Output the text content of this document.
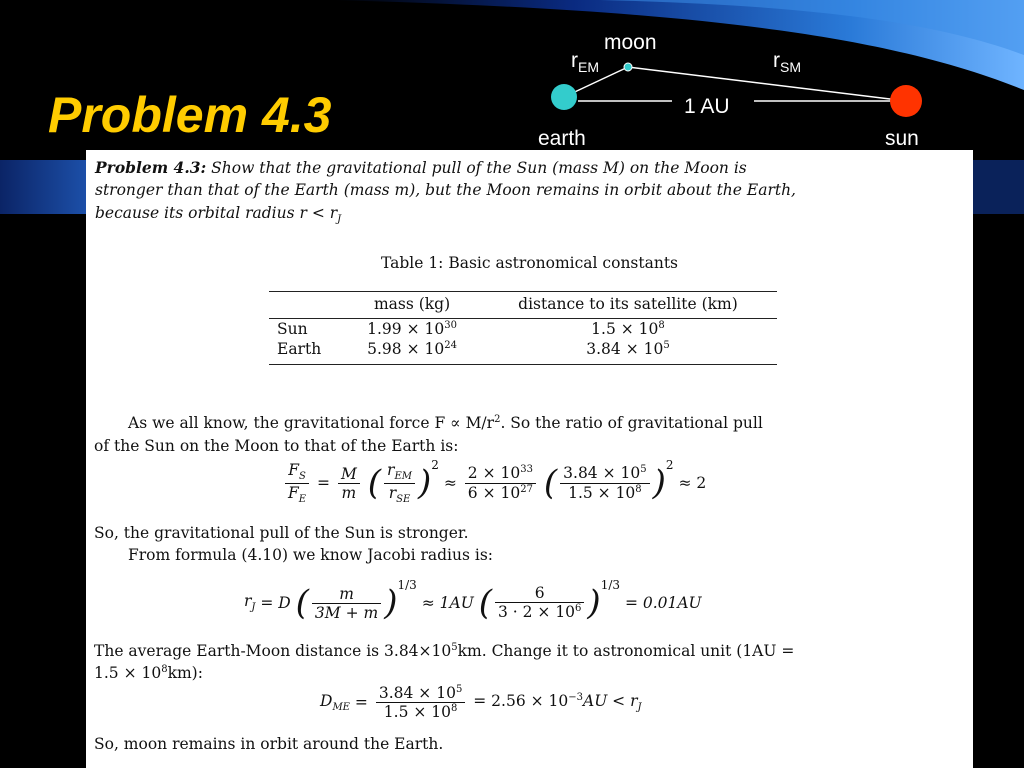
Problem 4.3
moon
$r_{EM}$	$r_{SM}$
1 AU
earth	sun
Problem 4.3: Show that the gravitational pull of the Sun (mass M) on the Moon is
stronger than that of the Earth (mass m), but the Moon remains in orbit about the Earth,
because its orbital radius $r < r_J$
Table 1: Basic astronomical constants
	mass (kg)	distance to its satellite (km)
Sun	$1.99 \times 10^{30}$	$1.5 \times 10^8$
Earth	$5.98 \times 10^{24}$	$3.84 \times 10^5$
As we all know, the gravitational force $F \propto M/r^2$. So the ratio of gravitational pull
of the Sun on the Moon to that of the Earth is:
$\frac{F_S}{F_E} = \frac{M}{m}$ ( $\frac{r_{EM}}{r_{SE}} )^2 \approx \frac{2 \times 10^{33}}{6 \times 10^{27}}$ ( $\frac{3.84 \times 10^5}{1.5 \times 10^8} )^2 \approx 2$
So, the gravitational pull of the Sun is stronger.
From formula (4.10) we know Jacobi radius is:
$r_J = D$ ( $\frac{m}{3M + m} )^{1/3} \approx 1AU$ ( $\frac{6}{3 \cdot 2 \times 10^6} )^{1/3} = 0.01AU$
The average Earth-Moon distance is $3.84\times 10^5km$. Change it to astronomical unit (1AU =
$1.5 \times 10^8km$):
$D_{ME} = \frac{3.84 \times 10^5}{1.5 \times 10^8} = 2.56 \times 10^{-3}AU < r_J$
So, moon remains in orbit around the Earth.
